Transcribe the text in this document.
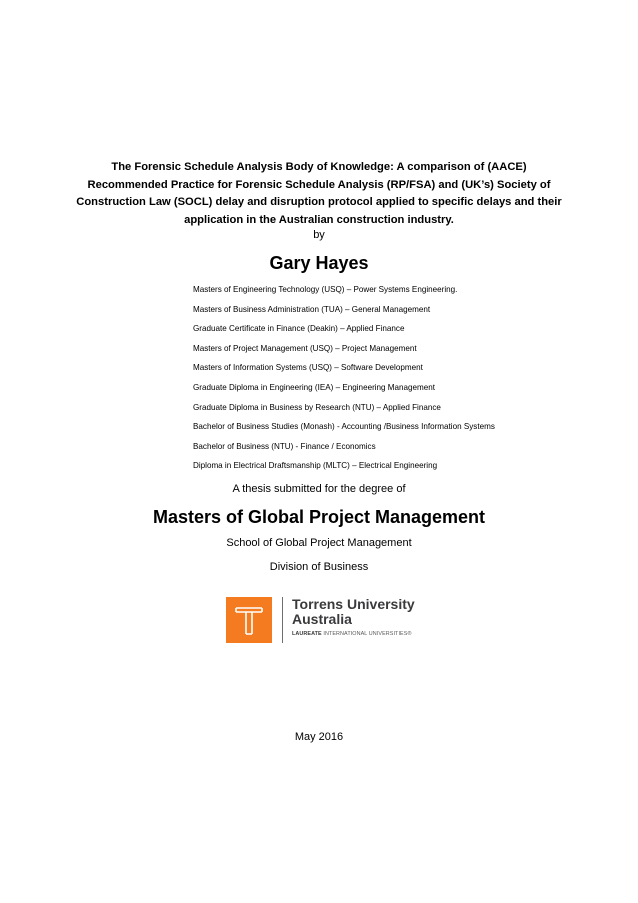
The Forensic Schedule Analysis Body of Knowledge: A comparison of (AACE) Recommended Practice for Forensic Schedule Analysis (RP/FSA) and (UK’s) Society of Construction Law (SOCL) delay and disruption protocol applied to specific delays and their application in the Australian construction industry.
by
Gary Hayes
Masters of Engineering Technology (USQ) – Power Systems Engineering.
Masters of Business Administration (TUA) – General Management
Graduate Certificate in Finance (Deakin) – Applied Finance
Masters of Project Management (USQ) – Project Management
Masters of Information Systems (USQ) – Software Development
Graduate Diploma in Engineering (IEA) – Engineering Management
Graduate Diploma in Business by Research (NTU) – Applied Finance
Bachelor of Business Studies (Monash) - Accounting /Business Information Systems
Bachelor of Business (NTU) - Finance / Economics
Diploma in Electrical Draftsmanship (MLTC) – Electrical Engineering
A thesis submitted for the degree of
Masters of Global Project Management
School of Global Project Management
Division of Business
Torrens University
Australia
LAUREATE INTERNATIONAL UNIVERSITIES®
May 2016
